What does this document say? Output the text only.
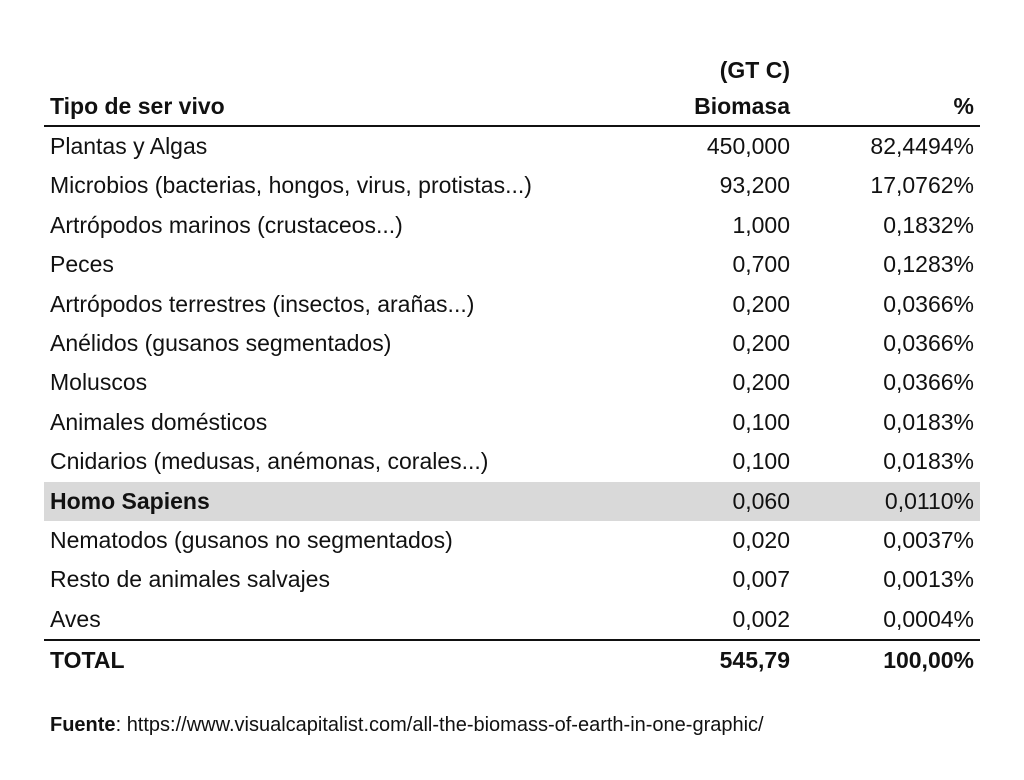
	(GT C)	
Tipo de ser vivo	Biomasa	%
Plantas y Algas	450,000	82,4494%
Microbios (bacterias, hongos, virus, protistas...)	93,200	17,0762%
Artrópodos marinos (crustaceos...)	1,000	0,1832%
Peces	0,700	0,1283%
Artrópodos terrestres (insectos, arañas...)	0,200	0,0366%
Anélidos (gusanos segmentados)	0,200	0,0366%
Moluscos	0,200	0,0366%
Animales domésticos	0,100	0,0183%
Cnidarios (medusas, anémonas, corales...)	0,100	0,0183%
Homo Sapiens	0,060	0,0110%
Nematodos (gusanos no segmentados)	0,020	0,0037%
Resto de animales salvajes	0,007	0,0013%
Aves	0,002	0,0004%
TOTAL	545,79	100,00%
Fuente: https://www.visualcapitalist.com/all-the-biomass-of-earth-in-one-graphic/
